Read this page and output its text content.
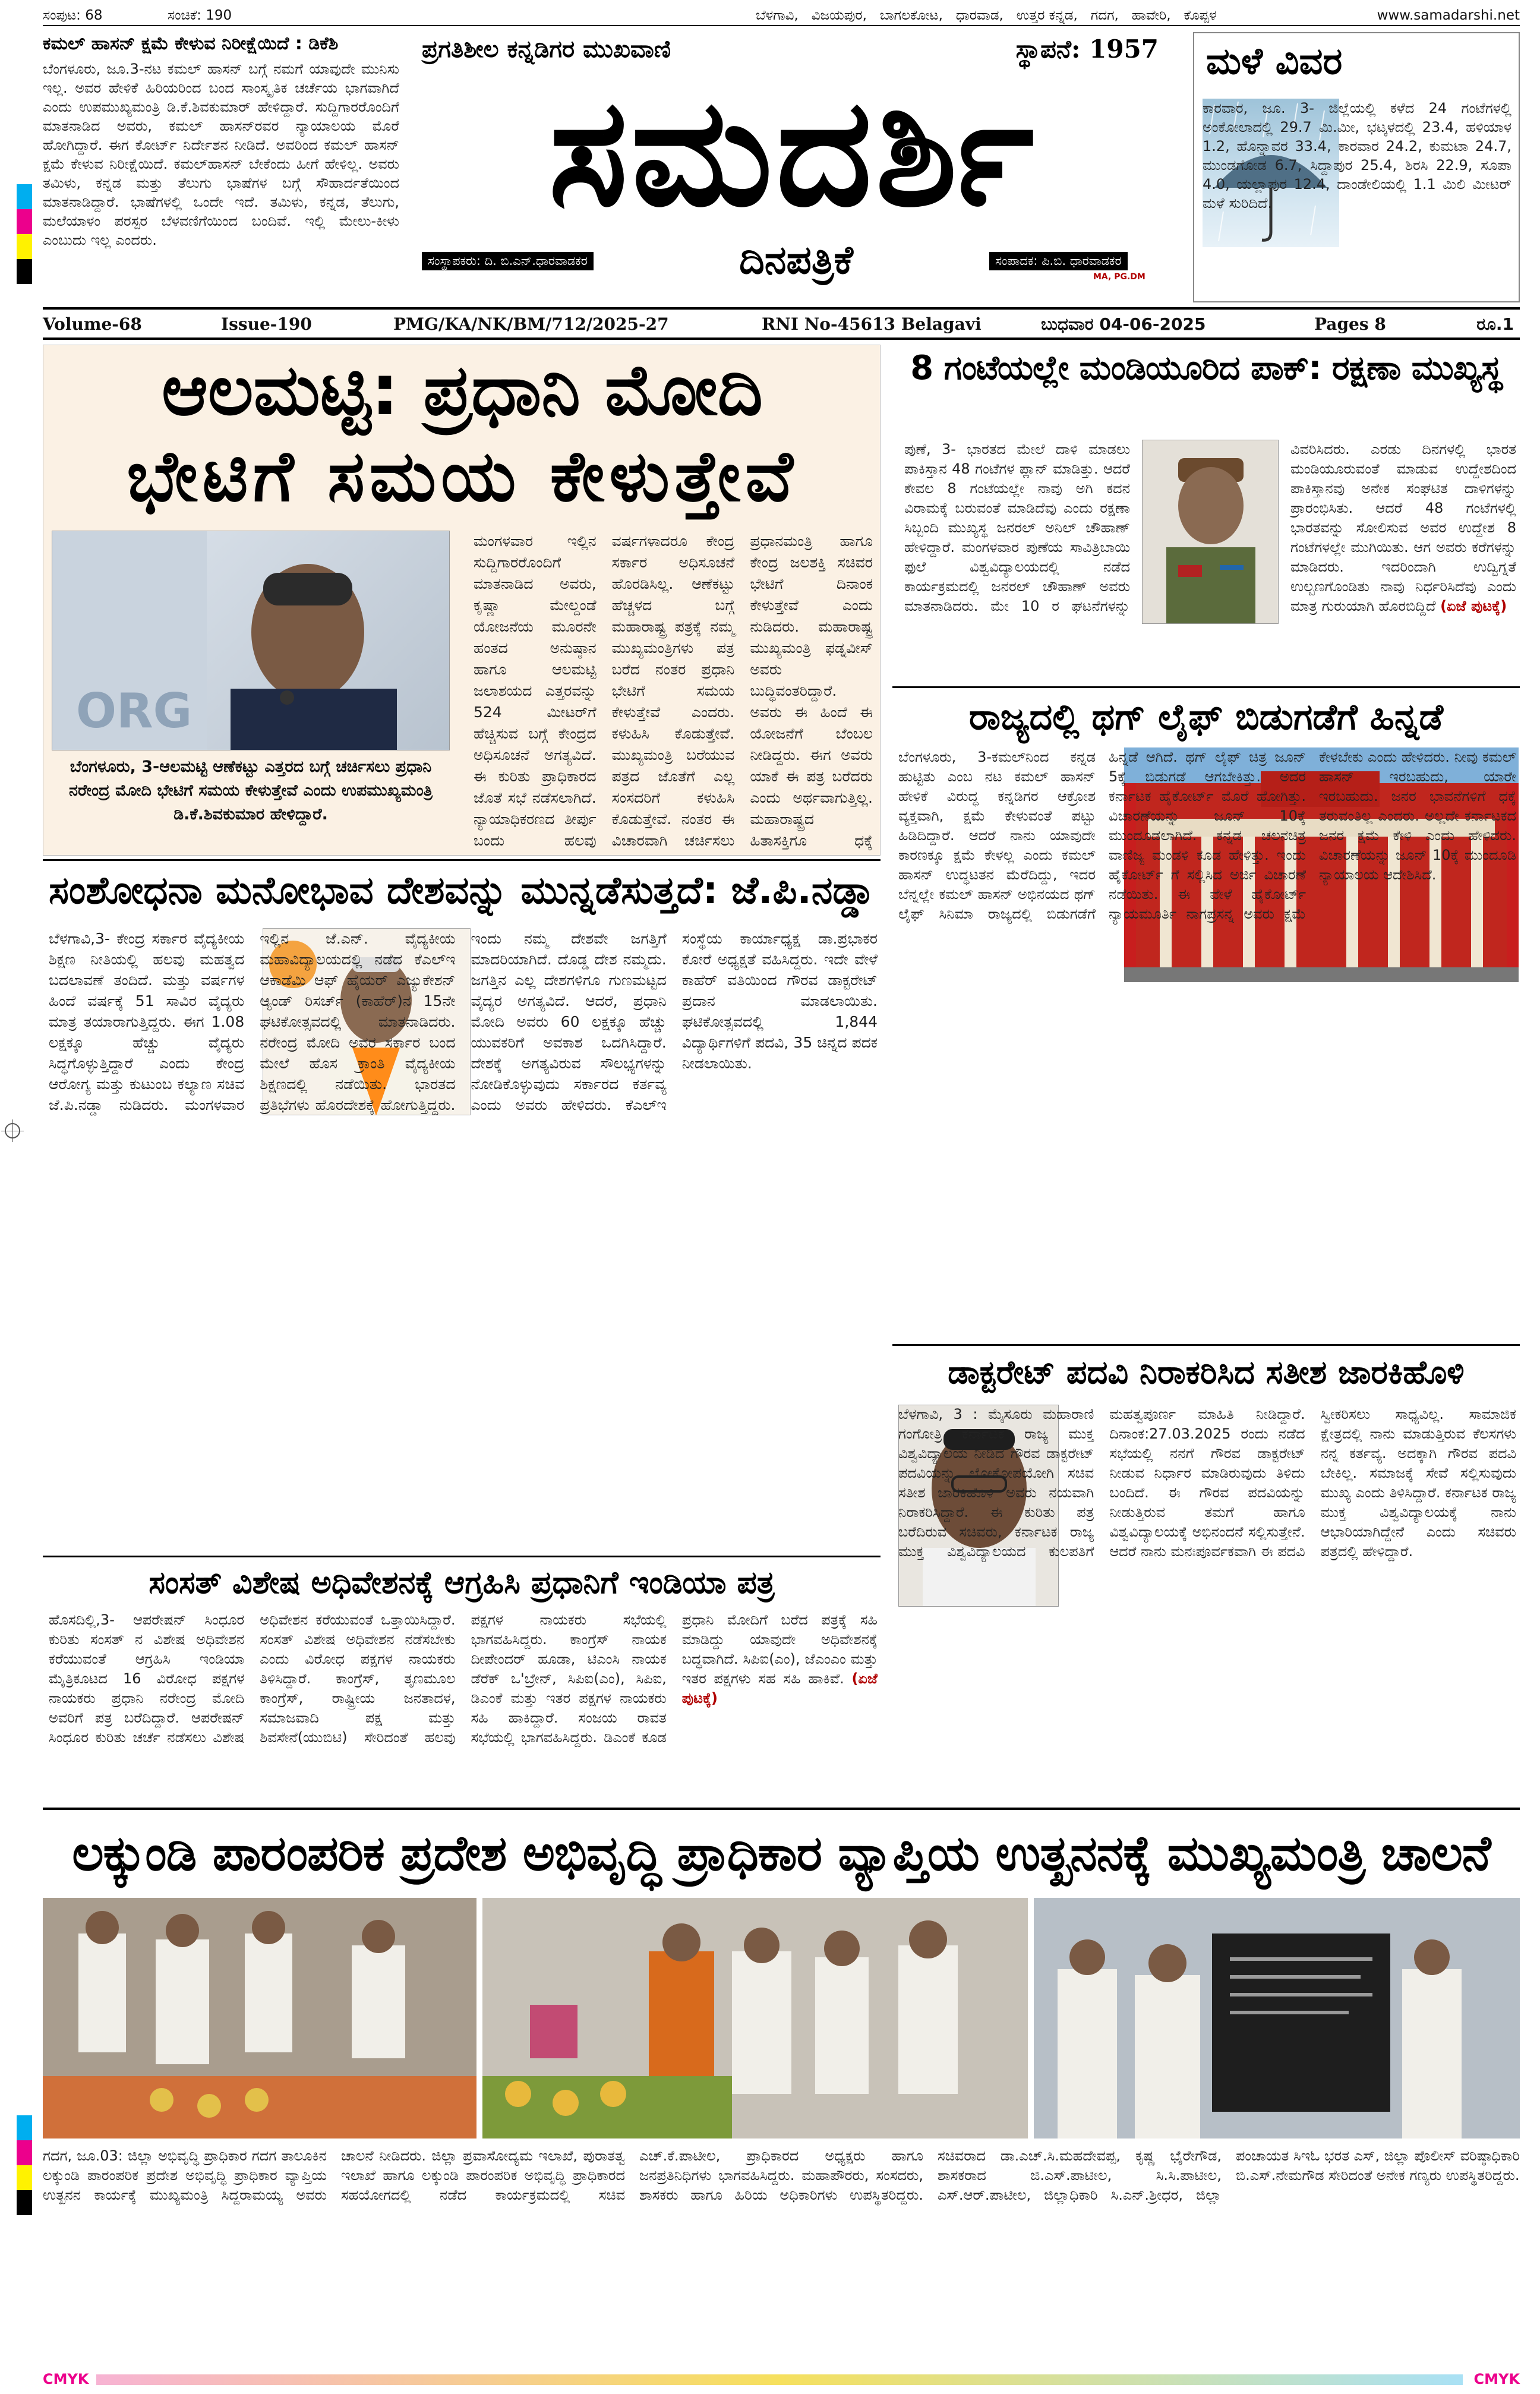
ಸಂಪುಟ: 68	ಸಂಚಿಕೆ: 190	ಬೆಳಗಾವಿ,   ವಿಜಯಪುರ,   ಬಾಗಲಕೋಟ,   ಧಾರವಾಡ,   ಉತ್ತರ ಕನ್ನಡ,   ಗದಗ,   ಹಾವೇರಿ,   ಕೊಪ್ಪಳ	www.samadarshi.net
ಕಮಲ್ ಹಾಸನ್ ಕ್ಷಮೆ ಕೇಳುವ ನಿರೀಕ್ಷೆಯಿದೆ : ಡಿಕೆಶಿ
ಬೆಂಗಳೂರು, ಜೂ.3-ನಟ ಕಮಲ್ ಹಾಸನ್ ಬಗ್ಗೆ ನಮಗೆ ಯಾವುದೇ ಮುನಿಸು ಇಲ್ಲ. ಅವರ ಹೇಳಿಕೆ ಹಿರಿಯರಿಂದ ಬಂದ ಸಾಂಸ್ಕೃತಿಕ ಚರ್ಚೆಯ ಭಾಗವಾಗಿದೆ ಎಂದು ಉಪಮುಖ್ಯಮಂತ್ರಿ ಡಿ.ಕೆ.ಶಿವಕುಮಾರ್ ಹೇಳಿದ್ದಾರೆ. ಸುದ್ದಿಗಾರರೊಂದಿಗೆ ಮಾತನಾಡಿದ ಅವರು, ಕಮಲ್ ಹಾಸನ್‌ರವರ ನ್ಯಾಯಾಲಯ ಮೊರೆ ಹೋಗಿದ್ದಾರೆ. ಈಗ ಕೋರ್ಟ್ ನಿರ್ದೇಶನ ನೀಡಿದೆ. ಅವರಿಂದ ಕಮಲ್ ಹಾಸನ್ ಕ್ಷಮೆ ಕೇಳುವ ನಿರೀಕ್ಷೆಯಿದೆ. ಕಮಲ್‌ಹಾಸನ್ ಬೇಕೆಂದು ಹೀಗೆ ಹೇಳಿಲ್ಲ. ಅವರು ತಮಿಳು, ಕನ್ನಡ ಮತ್ತು ತೆಲುಗು ಭಾಷೆಗಳ ಬಗ್ಗೆ ಸೌಹಾರ್ದತೆಯಿಂದ ಮಾತನಾಡಿದ್ದಾರೆ. ಭಾಷೆಗಳಲ್ಲಿ ಒಂದೇ ಇದೆ. ತಮಿಳು, ಕನ್ನಡ, ತೆಲುಗು, ಮಲೆಯಾಳಂ ಪರಸ್ಪರ ಬೆಳವಣಿಗೆಯಿಂದ ಬಂದಿವೆ. ಇಲ್ಲಿ ಮೇಲು-ಕೀಳು ಎಂಬುದು ಇಲ್ಲ ಎಂದರು.
ಪ್ರಗತಿಶೀಲ ಕನ್ನಡಿಗರ ಮುಖವಾಣಿ	ಸ್ಥಾಪನೆ: 1957
ಸಮದರ್ಶಿ
ಸಂಸ್ಥಾಪಕರು: ದಿ. ಬಿ.ಎನ್.ಧಾರವಾಡಕರ	ದಿನಪತ್ರಿಕೆ	ಸಂಪಾದಕ: ಪಿ.ಬಿ. ಧಾರವಾಡಕರ
MA, PG.DM
ಮಳೆ ವಿವರ
ಕಾರವಾರ, ಜೂ. 3- ಜಿಲ್ಲೆಯಲ್ಲಿ ಕಳೆದ 24 ಗಂಟೆಗಳಲ್ಲಿ ಅಂಕೋಲಾದಲ್ಲಿ 29.7 ಮಿ.ಮೀ, ಭಟ್ಕಳದಲ್ಲಿ 23.4, ಹಳಿಯಾಳ 1.2, ಹೊನ್ನಾವರ 33.4, ಕಾರವಾರ 24.2, ಕುಮಟಾ 24.7, ಮುಂಡಗೋಡ 6.7, ಸಿದ್ದಾಪುರ 25.4, ಶಿರಸಿ 22.9, ಸೂಪಾ 4.0, ಯಲ್ಲಾಪುರ 12.4, ದಾಂಡೇಲಿಯಲ್ಲಿ 1.1 ಮಿಲಿ ಮೀಟರ್ ಮಳೆ ಸುರಿದಿದೆ.
Volume-68	Issue-190	PMG/KA/NK/BM/712/2025-27	RNI No-45613 Belagavi	ಬುಧವಾರ 04-06-2025	Pages 8	ರೂ.1
ಆಲಮಟ್ಟಿ: ಪ್ರಧಾನಿ ಮೋದಿ
ಭೇಟಿಗೆ ಸಮಯ ಕೇಳುತ್ತೇವೆ
ORG
ಬೆಂಗಳೂರು, 3-ಆಲಮಟ್ಟಿ ಆಣೆಕಟ್ಟು ಎತ್ತರದ ಬಗ್ಗೆ ಚರ್ಚಿಸಲು ಪ್ರಧಾನಿ ನರೇಂದ್ರ ಮೋದಿ ಭೇಟಿಗೆ ಸಮಯ ಕೇಳುತ್ತೇವೆ ಎಂದು ಉಪಮುಖ್ಯಮಂತ್ರಿ ಡಿ.ಕೆ.ಶಿವಕುಮಾರ ಹೇಳಿದ್ದಾರೆ.
ಮಂಗಳವಾರ ಇಲ್ಲಿನ ಸುದ್ದಿಗಾರರೊಂದಿಗೆ ಮಾತನಾಡಿದ ಅವರು, ಕೃಷ್ಣಾ ಮೇಲ್ದಂಡೆ ಯೋಜನೆಯ ಮೂರನೇ ಹಂತದ ಅನುಷ್ಠಾನ ಹಾಗೂ ಆಲಮಟ್ಟಿ ಜಲಾಶಯದ ಎತ್ತರವನ್ನು 524 ಮೀಟರ್‌ಗೆ ಹೆಚ್ಚಿಸುವ ಬಗ್ಗೆ ಕೇಂದ್ರದ ಅಧಿಸೂಚನೆ ಅಗತ್ಯವಿದೆ. ಈ ಕುರಿತು ಪ್ರಾಧಿಕಾರದ ಜೊತೆ ಸಭೆ ನಡೆಸಲಾಗಿದೆ. ನ್ಯಾಯಾಧಿಕರಣದ ತೀರ್ಪು ಬಂದು ಹಲವು ವರ್ಷಗಳಾದರೂ ಕೇಂದ್ರ ಸರ್ಕಾರ ಅಧಿಸೂಚನೆ ಹೊರಡಿಸಿಲ್ಲ. ಆಣೆಕಟ್ಟು ಹೆಚ್ಚಳದ ಬಗ್ಗೆ ಮಹಾರಾಷ್ಟ್ರ ಪತ್ರಕ್ಕೆ ನಮ್ಮ ಮುಖ್ಯಮಂತ್ರಿಗಳು ಪತ್ರ ಬರೆದ ನಂತರ ಪ್ರಧಾನಿ ಭೇಟಿಗೆ ಸಮಯ ಕೇಳುತ್ತೇವೆ ಎಂದರು. ಕಳುಹಿಸಿ ಕೊಡುತ್ತೇವೆ. ಮುಖ್ಯಮಂತ್ರಿ ಬರೆಯುವ ಪತ್ರದ ಜೊತೆಗೆ ಎಲ್ಲ ಸಂಸದರಿಗೆ ಕಳುಹಿಸಿ ಕೊಡುತ್ತೇವೆ. ನಂತರ ಈ ವಿಚಾರವಾಗಿ ಚರ್ಚಿಸಲು ಪ್ರಧಾನಮಂತ್ರಿ ಹಾಗೂ ಕೇಂದ್ರ ಜಲಶಕ್ತಿ ಸಚಿವರ ಭೇಟಿಗೆ ದಿನಾಂಕ ಕೇಳುತ್ತೇವೆ ಎಂದು ನುಡಿದರು. ಮಹಾರಾಷ್ಟ್ರ ಮುಖ್ಯಮಂತ್ರಿ ಫಡ್ನವೀಸ್ ಅವರು ಬುದ್ಧಿವಂತರಿದ್ದಾರೆ. ಅವರು ಈ ಹಿಂದೆ ಈ ಯೋಜನೆಗೆ ಬೆಂಬಲ ನೀಡಿದ್ದರು. ಈಗ ಅವರು ಯಾಕೆ ಈ ಪತ್ರ ಬರೆದರು ಎಂದು ಅರ್ಥವಾಗುತ್ತಿಲ್ಲ. ಮಹಾರಾಷ್ಟ್ರದ ಹಿತಾಸಕ್ತಿಗೂ ಧಕ್ಕೆ
8 ಗಂಟೆಯಲ್ಲೇ ಮಂಡಿಯೂರಿದ ಪಾಕ್: ರಕ್ಷಣಾ ಮುಖ್ಯಸ್ಥ
ಪುಣೆ, 3- ಭಾರತದ ಮೇಲೆ ದಾಳಿ ಮಾಡಲು ಪಾಕಿಸ್ತಾನ 48 ಗಂಟೆಗಳ ಪ್ಲಾನ್ ಮಾಡಿತ್ತು. ಆದರೆ ಕೇವಲ 8 ಗಂಟೆಯಲ್ಲೇ ನಾವು ಅಗಿ ಕದನ ವಿರಾಮಕ್ಕೆ ಬರುವಂತೆ ಮಾಡಿದೆವು ಎಂದು ರಕ್ಷಣಾ ಸಿಬ್ಬಂದಿ ಮುಖ್ಯಸ್ಥ ಜನರಲ್ ಅನಿಲ್ ಚೌಹಾಣ್ ಹೇಳಿದ್ದಾರೆ. ಮಂಗಳವಾರ ಪುಣೆಯ ಸಾವಿತ್ರಿಬಾಯಿ ಫುಲೆ ವಿಶ್ವವಿದ್ಯಾಲಯದಲ್ಲಿ ನಡೆದ ಕಾರ್ಯಕ್ರಮದಲ್ಲಿ ಜನರಲ್ ಚೌಹಾಣ್ ಅವರು ಮಾತನಾಡಿದರು. ಮೇ 10 ರ ಘಟನೆಗಳನ್ನು ವಿವರಿಸಿದರು. ಎರಡು ದಿನಗಳಲ್ಲಿ ಭಾರತ ಮಂಡಿಯೂರುವಂತೆ ಮಾಡುವ ಉದ್ದೇಶದಿಂದ ಪಾಕಿಸ್ತಾನವು ಅನೇಕ ಸಂಘಟಿತ ದಾಳಿಗಳನ್ನು ಪ್ರಾರಂಭಿಸಿತು. ಆದರೆ 48 ಗಂಟೆಗಳಲ್ಲಿ ಭಾರತವನ್ನು ಸೋಲಿಸುವ ಅವರ ಉದ್ದೇಶ 8 ಗಂಟೆಗಳಲ್ಲೇ ಮುಗಿಯಿತು. ಆಗ ಅವರು ಕರೆಗಳನ್ನು ಮಾಡಿದರು. ಇದರಿಂದಾಗಿ ಉದ್ವಿಗ್ನತೆ ಉಲ್ಬಣಗೊಂಡಿತು ನಾವು ನಿರ್ಧರಿಸಿದೆವು ಎಂದು ಮಾತ್ರ ಗುರುಯಾಗಿ ಹೊರಬಿದ್ದಿದೆ (ಏಜೆ ಪುಟಕ್ಕೆ)
ರಾಜ್ಯದಲ್ಲಿ ಥಗ್ ಲೈಫ್ ಬಿಡುಗಡೆಗೆ ಹಿನ್ನಡೆ
ಬೆಂಗಳೂರು, 3-ಕಮಲ್‌ನಿಂದ ಕನ್ನಡ ಹುಟ್ಟಿತು ಎಂಬ ನಟ ಕಮಲ್ ಹಾಸನ್ ಹೇಳಿಕೆ ವಿರುದ್ಧ ಕನ್ನಡಿಗರ ಆಕ್ರೋಶ ವ್ಯಕ್ತವಾಗಿ, ಕ್ಷಮೆ ಕೇಳುವಂತೆ ಪಟ್ಟು ಹಿಡಿದಿದ್ದಾರೆ. ಆದರೆ ನಾನು ಯಾವುದೇ ಕಾರಣಕ್ಕೂ ಕ್ಷಮೆ ಕೇಳಲ್ಲ ಎಂದು ಕಮಲ್ ಹಾಸನ್ ಉದ್ಧಟತನ ಮೆರೆದಿದ್ದು, ಇದರ ಬೆನ್ನಲ್ಲೇ ಕಮಲ್ ಹಾಸನ್ ಅಭಿನಯದ ಥಗ್ ಲೈಫ್ ಸಿನಿಮಾ ರಾಜ್ಯದಲ್ಲಿ ಬಿಡುಗಡೆಗೆ ಹಿನ್ನಡೆ ಆಗಿದೆ. ಥಗ್ ಲೈಫ್ ಚಿತ್ರ ಜೂನ್ 5ಕ್ಕೆ ಬಿಡುಗಡೆ ಆಗಬೇಕಿತ್ತು. ಅದರ ಕರ್ನಾಟಕ ಹೈಕೋರ್ಟ್ ಮೊರೆ ಹೋಗಿತ್ತು. ವಿಚಾರಣೆಯನ್ನು ಜೂನ್ 10ಕ್ಕೆ ಮುಂದೂಡಲಾಗಿದೆ. ಕನ್ನಡ ಚಲನಚಿತ್ರ ವಾಣಿಜ್ಯ ಮಂಡಳಿ ಕೂಡ ಹೇಳಿತ್ತು. ಇಂದು ಹೈಕೋರ್ಟ್ ಗೆ ಸಲ್ಲಿಸಿದ ಅರ್ಜಿ ವಿಚಾರಣೆ ನಡೆಯಿತು. ಈ ವೇಳೆ ಹೈಕೋರ್ಟ್ ನ್ಯಾಯಮೂರ್ತಿ ನಾಗಪ್ರಸನ್ನ ಅವರು ಕ್ಷಮೆ ಕೇಳಬೇಕು ಎಂದು ಹೇಳಿದರು. ನೀವು ಕಮಲ್ ಹಾಸನ್ ಇರಬಹುದು, ಯಾರೇ ಇರಬಹುದು. ಜನರ ಭಾವನೆಗಳಿಗೆ ಧಕ್ಕೆ ತರುವಂತಿಲ್ಲ ಎಂದರು. ಅಲ್ಲದೇ ಕರ್ನಾಟಕದ ಜನರ ಕ್ಷಮೆ ಕೇಳಿ ಎಂದು ಹೇಳಿದರು. ವಿಚಾರಣೆಯನ್ನು ಜೂನ್ 10ಕ್ಕೆ ಮುಂದೂಡಿ ನ್ಯಾಯಾಲಯ ಆದೇಶಿಸಿದೆ.
ಸಂಶೋಧನಾ ಮನೋಭಾವ ದೇಶವನ್ನು ಮುನ್ನಡೆಸುತ್ತದೆ: ಜೆ.ಪಿ.ನಡ್ಡಾ
ಬೆಳಗಾವಿ,3- ಕೇಂದ್ರ ಸರ್ಕಾರ ವೈದ್ಯಕೀಯ ಶಿಕ್ಷಣ ನೀತಿಯಲ್ಲಿ ಹಲವು ಮಹತ್ವದ ಬದಲಾವಣೆ ತಂದಿದೆ. ಮತ್ತು ವರ್ಷಗಳ ಹಿಂದೆ ವರ್ಷಕ್ಕೆ 51 ಸಾವಿರ ವೈದ್ಯರು ಮಾತ್ರ ತಯಾರಾಗುತ್ತಿದ್ದರು. ಈಗ 1.08 ಲಕ್ಷಕ್ಕೂ ಹೆಚ್ಚು ವೈದ್ಯರು ಸಿದ್ಧಗೊಳ್ಳುತ್ತಿದ್ದಾರೆ ಎಂದು ಕೇಂದ್ರ ಆರೋಗ್ಯ ಮತ್ತು ಕುಟುಂಬ ಕಲ್ಯಾಣ ಸಚಿವ ಜೆ.ಪಿ.ನಡ್ಡಾ ನುಡಿದರು. ಮಂಗಳವಾರ ಇಲ್ಲಿನ ಜೆ.ಎನ್. ವೈದ್ಯಕೀಯ ಮಹಾವಿದ್ಯಾಲಯದಲ್ಲಿ ನಡೆದ ಕೆಎಲ್‌ಇ ಆಕಾಡೆಮಿ ಆಫ್ ಹೈಯರ್ ಎಜ್ಯುಕೇಶನ್ ಆ್ಯಂಡ್ ರಿಸರ್ಚ್ (ಕಾಹೆರ್)ನ 15ನೇ ಘಟಿಕೋತ್ಸವದಲ್ಲಿ ಮಾತನಾಡಿದರು. ನರೇಂದ್ರ ಮೋದಿ ಅವರ ಸರ್ಕಾರ ಬಂದ ಮೇಲೆ ಹೊಸ ಕ್ರಾಂತಿ ವೈದ್ಯಕೀಯ ಶಿಕ್ಷಣದಲ್ಲಿ ನಡೆಯಿತು. ಭಾರತದ ಪ್ರತಿಭೆಗಳು ಹೊರದೇಶಕ್ಕೆ ಹೋಗುತ್ತಿದ್ದರು. ಇಂದು ನಮ್ಮ ದೇಶವೇ ಜಗತ್ತಿಗೆ ಮಾದರಿಯಾಗಿದೆ. ದೊಡ್ಡ ದೇಶ ನಮ್ಮದು. ಜಗತ್ತಿನ ಎಲ್ಲ ದೇಶಗಳಿಗೂ ಗುಣಮಟ್ಟದ ವೈದ್ಯರ ಅಗತ್ಯವಿದೆ. ಆದರೆ, ಪ್ರಧಾನಿ ಮೋದಿ ಅವರು 60 ಲಕ್ಷಕ್ಕೂ ಹೆಚ್ಚು ಯುವಕರಿಗೆ ಅವಕಾಶ ಒದಗಿಸಿದ್ದಾರೆ. ದೇಶಕ್ಕೆ ಅಗತ್ಯವಿರುವ ಸೌಲಭ್ಯಗಳನ್ನು ನೋಡಿಕೊಳ್ಳುವುದು ಸರ್ಕಾರದ ಕರ್ತವ್ಯ ಎಂದು ಅವರು ಹೇಳಿದರು. ಕೆಎಲ್‌ಇ ಸಂಸ್ಥೆಯ ಕಾರ್ಯಾಧ್ಯಕ್ಷ ಡಾ.ಪ್ರಭಾಕರ ಕೋರೆ ಅಧ್ಯಕ್ಷತೆ ವಹಿಸಿದ್ದರು. ಇದೇ ವೇಳೆ ಕಾಹೆರ್ ವತಿಯಿಂದ ಗೌರವ ಡಾಕ್ಟರೇಟ್ ಪ್ರದಾನ ಮಾಡಲಾಯಿತು. ಘಟಿಕೋತ್ಸವದಲ್ಲಿ 1,844 ವಿದ್ಯಾರ್ಥಿಗಳಿಗೆ ಪದವಿ, 35 ಚಿನ್ನದ ಪದಕ ನೀಡಲಾಯಿತು.
ಸಂಸತ್ ವಿಶೇಷ ಅಧಿವೇಶನಕ್ಕೆ ಆಗ್ರಹಿಸಿ ಪ್ರಧಾನಿಗೆ ಇಂಡಿಯಾ ಪತ್ರ
ಹೊಸದಿಲ್ಲಿ,3- ಆಪರೇಷನ್ ಸಿಂಧೂರ ಕುರಿತು ಸಂಸತ್ ನ ವಿಶೇಷ ಅಧಿವೇಶನ ಕರೆಯುವಂತೆ ಆಗ್ರಹಿಸಿ ಇಂಡಿಯಾ ಮೈತ್ರಿಕೂಟದ 16 ವಿರೋಧ ಪಕ್ಷಗಳ ನಾಯಕರು ಪ್ರಧಾನಿ ನರೇಂದ್ರ ಮೋದಿ ಅವರಿಗೆ ಪತ್ರ ಬರೆದಿದ್ದಾರೆ. ಆಪರೇಷನ್ ಸಿಂಧೂರ ಕುರಿತು ಚರ್ಚೆ ನಡೆಸಲು ವಿಶೇಷ ಅಧಿವೇಶನ ಕರೆಯುವಂತೆ ಒತ್ತಾಯಿಸಿದ್ದಾರೆ. ಸಂಸತ್ ವಿಶೇಷ ಅಧಿವೇಶನ ನಡೆಸಬೇಕು ಎಂದು ವಿರೋಧ ಪಕ್ಷಗಳ ನಾಯಕರು ತಿಳಿಸಿದ್ದಾರೆ. ಕಾಂಗ್ರೆಸ್, ತೃಣಮೂಲ ಕಾಂಗ್ರೆಸ್, ರಾಷ್ಟ್ರೀಯ ಜನತಾದಳ, ಸಮಾಜವಾದಿ ಪಕ್ಷ ಮತ್ತು ಶಿವಸೇನೆ(ಯುಬಿಟಿ) ಸೇರಿದಂತೆ ಹಲವು ಪಕ್ಷಗಳ ನಾಯಕರು ಸಭೆಯಲ್ಲಿ ಭಾಗವಹಿಸಿದ್ದರು. ಕಾಂಗ್ರೆಸ್ ನಾಯಕ ದೀಪೇಂದರ್ ಹೂಡಾ, ಟಿಎಂಸಿ ನಾಯಕ ಡೆರೆಕ್ ಒ'ಬ್ರೇನ್, ಸಿಪಿಐ(ಎಂ), ಸಿಪಿಐ, ಡಿಎಂಕೆ ಮತ್ತು ಇತರ ಪಕ್ಷಗಳ ನಾಯಕರು ಸಹಿ ಹಾಕಿದ್ದಾರೆ. ಸಂಜಯ ರಾವತ ಸಭೆಯಲ್ಲಿ ಭಾಗವಹಿಸಿದ್ದರು. ಡಿಎಂಕೆ ಕೂಡ ಪ್ರಧಾನಿ ಮೋದಿಗೆ ಬರೆದ ಪತ್ರಕ್ಕೆ ಸಹಿ ಮಾಡಿದ್ದು ಯಾವುದೇ ಅಧಿವೇಶನಕ್ಕೆ ಬದ್ಧವಾಗಿದೆ. ಸಿಪಿಐ(ಎಂ), ಜೆಎಂಎಂ ಮತ್ತು ಇತರ ಪಕ್ಷಗಳು ಸಹ ಸಹಿ ಹಾಕಿವೆ. (ಏಜೆ ಪುಟಕ್ಕೆ)
ಡಾಕ್ಟರೇಟ್ ಪದವಿ ನಿರಾಕರಿಸಿದ ಸತೀಶ ಜಾರಕಿಹೊಳಿ
ಬೆಳಗಾವಿ, 3 : ಮೈಸೂರು ಮಹಾರಾಣಿ ಗಂಗೋತ್ರಿ ಕರ್ನಾಟಕ ರಾಜ್ಯ ಮುಕ್ತ ವಿಶ್ವವಿದ್ಯಾಲಯ ನೀಡಿದ ಗೌರವ ಡಾಕ್ಟರೇಟ್ ಪದವಿಯನ್ನು ಲೋಕೋಪಯೋಗಿ ಸಚಿವ ಸತೀಶ ಜಾರಕಿಹೊಳಿ ಅವರು ನಯವಾಗಿ ನಿರಾಕರಿಸಿದ್ದಾರೆ. ಈ ಕುರಿತು ಪತ್ರ ಬರೆದಿರುವ ಸಚಿವರು, ಕರ್ನಾಟಕ ರಾಜ್ಯ ಮುಕ್ತ ವಿಶ್ವವಿದ್ಯಾಲಯದ ಕುಲಪತಿಗೆ ಮಹತ್ವಪೂರ್ಣ ಮಾಹಿತಿ ನೀಡಿದ್ದಾರೆ. ದಿನಾಂಕ:27.03.2025 ರಂದು ನಡೆದ ಸಭೆಯಲ್ಲಿ ನನಗೆ ಗೌರವ ಡಾಕ್ಟರೇಟ್ ನೀಡುವ ನಿರ್ಧಾರ ಮಾಡಿರುವುದು ತಿಳಿದು ಬಂದಿದೆ. ಈ ಗೌರವ ಪದವಿಯನ್ನು ನೀಡುತ್ತಿರುವ ತಮಗೆ ಹಾಗೂ ವಿಶ್ವವಿದ್ಯಾಲಯಕ್ಕೆ ಅಭಿನಂದನೆ ಸಲ್ಲಿಸುತ್ತೇನೆ. ಆದರೆ ನಾನು ಮನಃಪೂರ್ವಕವಾಗಿ ಈ ಪದವಿ ಸ್ವೀಕರಿಸಲು ಸಾಧ್ಯವಿಲ್ಲ. ಸಾಮಾಜಿಕ ಕ್ಷೇತ್ರದಲ್ಲಿ ನಾನು ಮಾಡುತ್ತಿರುವ ಕೆಲಸಗಳು ನನ್ನ ಕರ್ತವ್ಯ. ಅದಕ್ಕಾಗಿ ಗೌರವ ಪದವಿ ಬೇಕಿಲ್ಲ. ಸಮಾಜಕ್ಕೆ ಸೇವೆ ಸಲ್ಲಿಸುವುದು ಮುಖ್ಯ ಎಂದು ತಿಳಿಸಿದ್ದಾರೆ. ಕರ್ನಾಟಕ ರಾಜ್ಯ ಮುಕ್ತ ವಿಶ್ವವಿದ್ಯಾಲಯಕ್ಕೆ ನಾನು ಆಭಾರಿಯಾಗಿದ್ದೇನೆ ಎಂದು ಸಚಿವರು ಪತ್ರದಲ್ಲಿ ಹೇಳಿದ್ದಾರೆ.
ಲಕ್ಕುಂಡಿ ಪಾರಂಪರಿಕ ಪ್ರದೇಶ ಅಭಿವೃದ್ಧಿ ಪ್ರಾಧಿಕಾರ ವ್ಯಾಪ್ತಿಯ ಉತ್ಖನನಕ್ಕೆ ಮುಖ್ಯಮಂತ್ರಿ ಚಾಲನೆ
ಗದಗ, ಜೂ.03: ಜಿಲ್ಲಾ ಅಭಿವೃದ್ಧಿ ಪ್ರಾಧಿಕಾರ ಗದಗ ತಾಲೂಕಿನ ಲಕ್ಕುಂಡಿ ಪಾರಂಪರಿಕ ಪ್ರದೇಶ ಅಭಿವೃದ್ಧಿ ಪ್ರಾಧಿಕಾರ ವ್ಯಾಪ್ತಿಯ ಉತ್ಖನನ ಕಾರ್ಯಕ್ಕೆ ಮುಖ್ಯಮಂತ್ರಿ ಸಿದ್ದರಾಮಯ್ಯ ಅವರು ಚಾಲನೆ ನೀಡಿದರು. ಜಿಲ್ಲಾ ಪ್ರವಾಸೋದ್ಯಮ ಇಲಾಖೆ, ಪುರಾತತ್ವ ಇಲಾಖೆ ಹಾಗೂ ಲಕ್ಕುಂಡಿ ಪಾರಂಪರಿಕ ಅಭಿವೃದ್ಧಿ ಪ್ರಾಧಿಕಾರದ ಸಹಯೋಗದಲ್ಲಿ ನಡೆದ ಕಾರ್ಯಕ್ರಮದಲ್ಲಿ ಸಚಿವ ಎಚ್.ಕೆ.ಪಾಟೀಲ, ಪ್ರಾಧಿಕಾರದ ಅಧ್ಯಕ್ಷರು ಹಾಗೂ ಜನಪ್ರತಿನಿಧಿಗಳು ಭಾಗವಹಿಸಿದ್ದರು. ಮಹಾಪೌರರು, ಸಂಸದರು, ಶಾಸಕರು ಹಾಗೂ ಹಿರಿಯ ಅಧಿಕಾರಿಗಳು ಉಪಸ್ಥಿತರಿದ್ದರು. ಸಚಿವರಾದ ಡಾ.ಎಚ್.ಸಿ.ಮಹದೇವಪ್ಪ, ಕೃಷ್ಣ ಭೈರೇಗೌಡ, ಶಾಸಕರಾದ ಜಿ.ಎಸ್.ಪಾಟೀಲ, ಸಿ.ಸಿ.ಪಾಟೀಲ, ಎಸ್.ಆರ್.ಪಾಟೀಲ, ಜಿಲ್ಲಾಧಿಕಾರಿ ಸಿ.ಎನ್.ಶ್ರೀಧರ, ಜಿಲ್ಲಾ ಪಂಚಾಯತ ಸಿಇಓ ಭರತ ಎಸ್, ಜಿಲ್ಲಾ ಪೊಲೀಸ್ ವರಿಷ್ಠಾಧಿಕಾರಿ ಬಿ.ಎಸ್.ನೇಮಗೌಡ ಸೇರಿದಂತೆ ಅನೇಕ ಗಣ್ಯರು ಉಪಸ್ಥಿತರಿದ್ದರು.
CMYK	CMYK
